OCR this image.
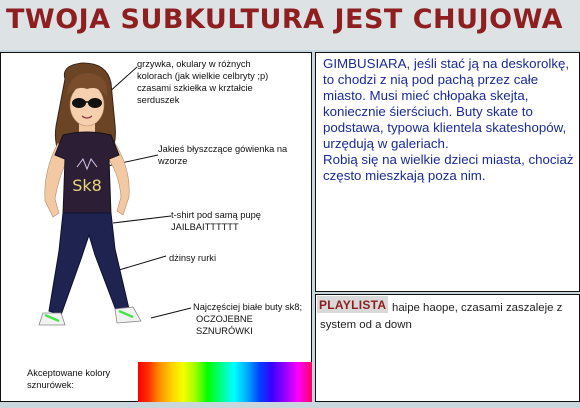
TWOJA SUBKULTURA JEST CHUJOWA
Sk8
grzywka, okulary w różnych kolorach (jak wielkie celbryty ;p) czasami szkiełka w krztałcie serduszek
Jakieś błyszczące gówienka na wzorze
t-shirt pod samą pupę JAILBAITTTTTT
dżinsy rurki
Najczęściej białe buty sk8;
OCZOJEBNE SZNURÓWKI
Akceptowane kolory sznurówek:

GIMBUSIARA, jeśli stać ją na deskorolkę, to chodzi z nią pod pachą przez całe miasto. Musi mieć chłopaka skejta, koniecznie śierściuch. Buty skate to podstawa, typowa klientela skateshopów, urzędują w galeriach.

Robią się na wielkie dzieci miastа, chociaż często mieszkają poza nim.

haipe haope, czasami zaszaleje z system od a down
PLAYLISTA
